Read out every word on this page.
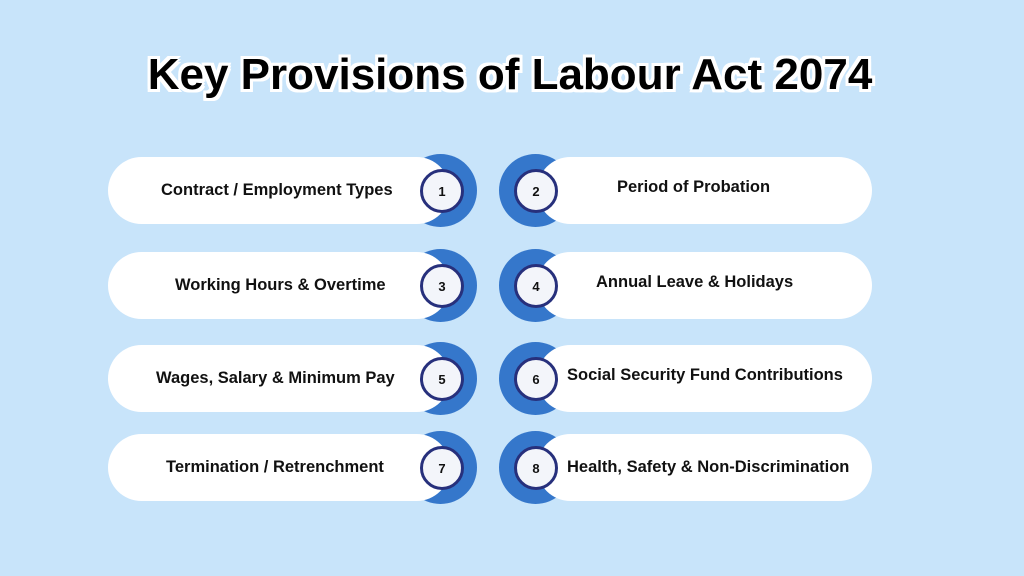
Key Provisions of Labour Act 2074
Contract / Employment Types	1	Period of Probation
2
Working Hours & Overtime	3	Annual Leave & Holidays
4
Wages, Salary & Minimum Pay	5	Social Security Fund Contributions
6
Termination / Retrenchment	7	Health, Safety & Non-Discrimination
8
